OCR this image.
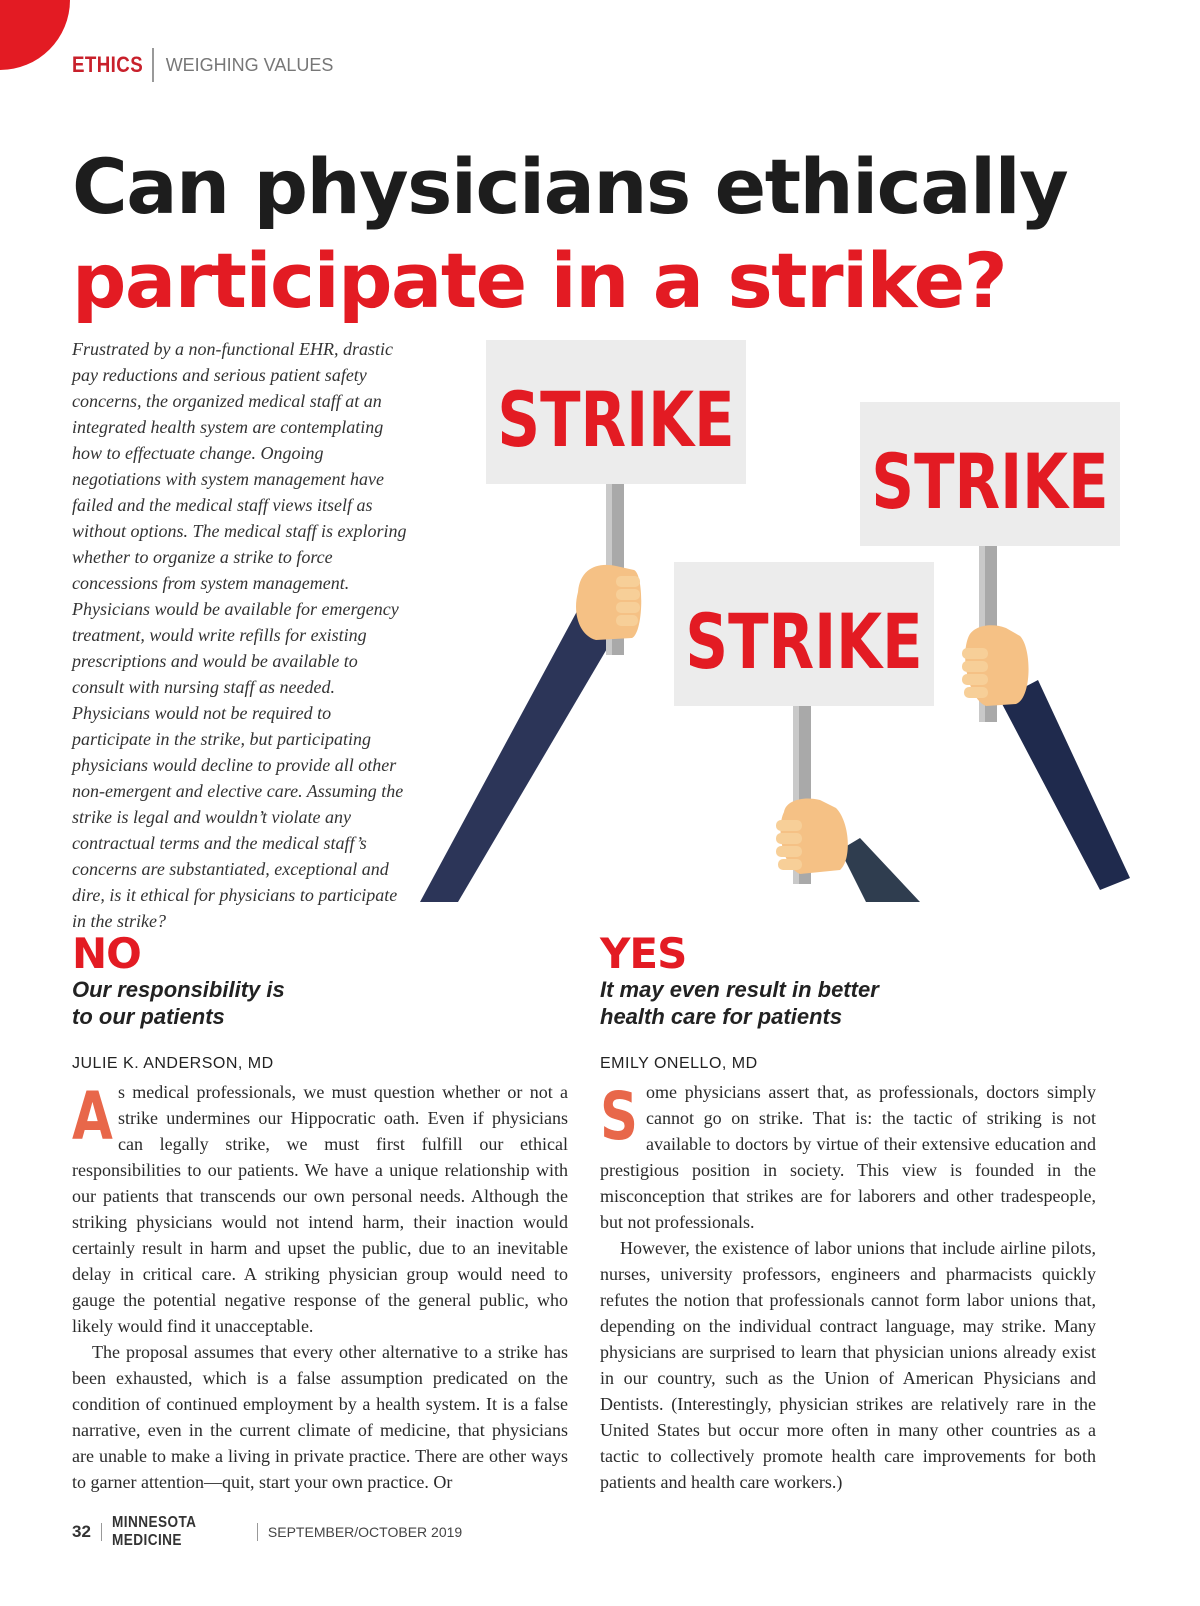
ETHICS WEIGHING VALUES
Can physicians ethically
participate in a strike?

Frustrated by a non-functional EHR, drastic pay reductions and serious patient safety concerns, the organized medical staff at an integrated health system are contemplating how to effectuate change. Ongoing negotiations with system management have failed and the medical staff views itself as without options. The medical staff is exploring whether to organize a strike to force concessions from system management. Physicians would be available for emergency treatment, would write refills for existing prescriptions and would be available to consult with nursing staff as needed. Physicians would not be required to participate in the strike, but participating physicians would decline to provide all other non-emergent and elective care. Assuming the strike is legal and wouldn’t violate any contractual terms and the medical staff’s concerns are substantiated, exceptional and dire, is it ethical for physicians to participate in the strike?

STRIKE
STRIKE
STRIKE
NO
Our responsibility is
to our patients
YES
It may even result in better
health care for patients
JULIE K. ANDERSON, MD	EMILY ONELLO, MD

As medical professionals, we must question whether or not a strike undermines our Hippocratic oath. Even if physicians can legally strike, we must first fulfill our ethical responsibilities to our patients. We have a unique relationship with our patients that transcends our own personal needs. Although the striking physicians would not intend harm, their inaction would certainly result in harm and upset the public, due to an inevitable delay in critical care. A striking physician group would need to gauge the potential negative response of the general public, who likely would find it unacceptable.

The proposal assumes that every other alternative to a strike has been exhausted, which is a false assumption predicated on the condition of continued employment by a health system. It is a false narrative, even in the current climate of medicine, that physicians are unable to make a living in private practice. There are other ways to garner attention—quit, start your own practice. Or

Some physicians assert that, as professionals, doctors simply cannot go on strike. That is: the tactic of striking is not available to doctors by virtue of their extensive education and prestigious position in society. This view is founded in the misconception that strikes are for laborers and other tradespeople, but not professionals.

However, the existence of labor unions that include airline pilots, nurses, university professors, engineers and pharmacists quickly refutes the notion that professionals cannot form labor unions that, depending on the individual contract language, may strike. Many physicians are surprised to learn that physician unions already exist in our country, such as the Union of American Physicians and Dentists. (Interestingly, physician strikes are relatively rare in the United States but occur more often in many other countries as a tactic to collectively promote health care improvements for both patients and health care workers.)

32 MINNESOTA MEDICINE	SEPTEMBER/OCTOBER 2019
